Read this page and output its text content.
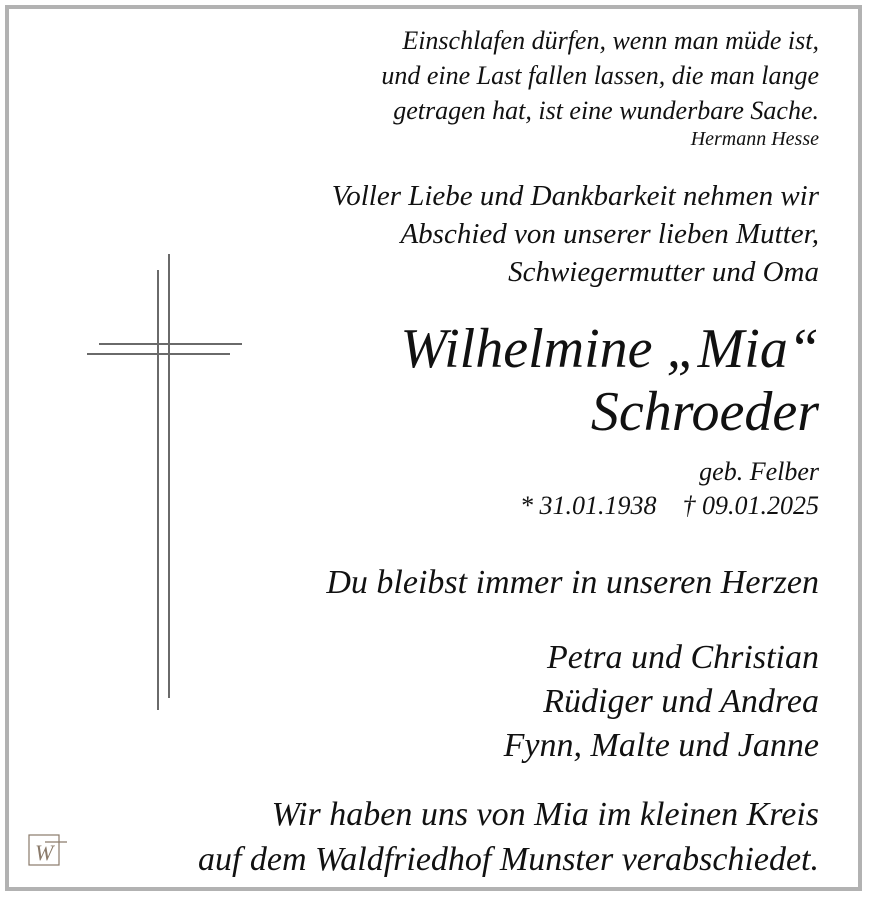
Einschlafen dürfen, wenn man müde ist,
und eine Last fallen lassen, die man lange
getragen hat, ist eine wunderbare Sache.
Hermann Hesse
Voller Liebe und Dankbarkeit nehmen wir
Abschied von unserer lieben Mutter,
Schwiegermutter und Oma
Wilhelmine „Mia“
Schroeder
geb. Felber
* 31.01.1938 † 09.01.2025
Du bleibst immer in unseren Herzen
Petra und Christian
Rüdiger und Andrea
Fynn, Malte und Janne
Wir haben uns von Mia im kleinen Kreis
auf dem Waldfriedhof Munster verabschiedet.
W
